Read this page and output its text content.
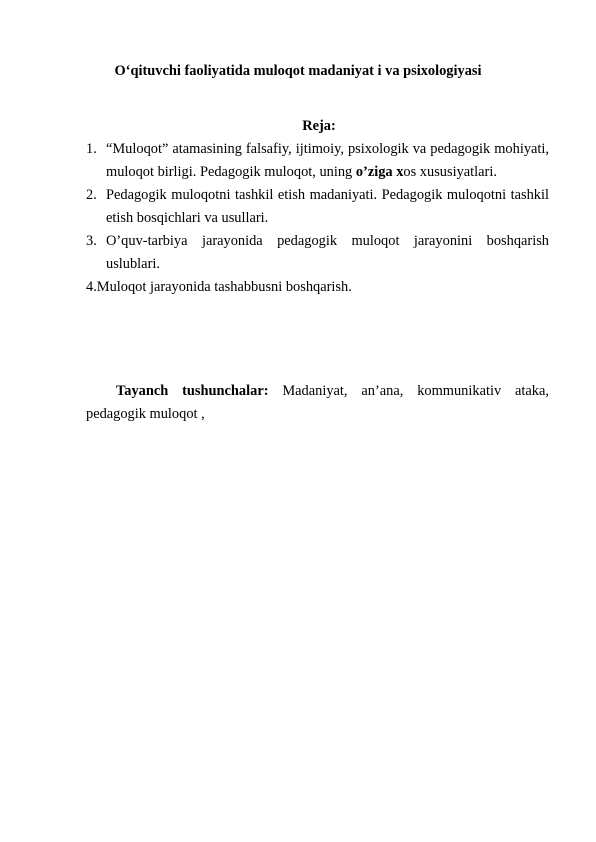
O‘qituvchi faoliyatida muloqot madaniyat i va psixologiyasi
Reja:
1. “Muloqot” atamasining falsafiy, ijtimoiy, psixologik va pedagogik mohiyati, muloqot birligi. Pedagogik muloqot, uning o’ziga xos xususiyatlari.
2. Pedagogik muloqotni tashkil etish madaniyati. Pedagogik muloqotni tashkil etish bosqichlari va usullari.
3. O’quv-tarbiya jarayonida pedagogik muloqot jarayonini boshqarish uslublari.

4.Muloqot jarayonida tashabbusni boshqarish.

Tayanch tushunchalar: Madaniyat, an’ana, kommunikativ ataka, pedagogik muloqot ,
